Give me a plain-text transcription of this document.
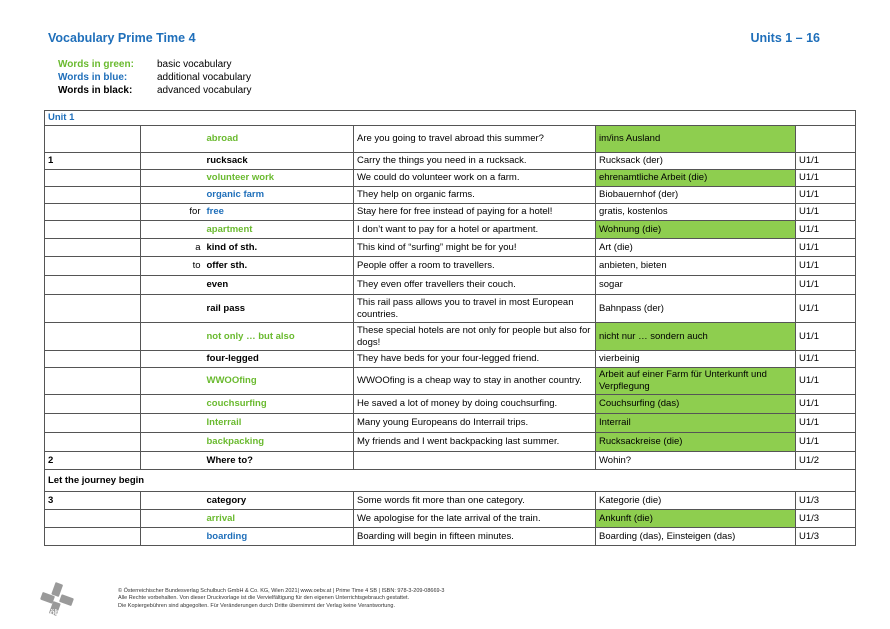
Vocabulary Prime Time 4	Units 1 – 16
Words in green:	basic vocabulary
Words in blue:	additional vocabulary
Words in black:	advanced vocabulary
Unit 1					
		abroad	Are you going to travel abroad this summer?	im/ins Ausland	
1		rucksack	Carry the things you need in a rucksack.	Rucksack (der)	U1/1
		volunteer work	We could do volunteer work on a farm.	ehrenamtliche Arbeit (die)	U1/1
		organic farm	They help on organic farms.	Biobauernhof (der)	U1/1
	for	free	Stay here for free instead of paying for a hotel!	gratis, kostenlos	U1/1
		apartment	I don’t want to pay for a hotel or apartment.	Wohnung (die)	U1/1
	a	kind of sth.	This kind of “surfing” might be for you!	Art (die)	U1/1
	to	offer sth.	People offer a room to travellers.	anbieten, bieten	U1/1
		even	They even offer travellers their couch.	sogar	U1/1
		rail pass	This rail pass allows you to travel in most European countries.	Bahnpass (der)	U1/1
		not only … but also	These special hotels are not only for people but also for dogs!	nicht nur … sondern auch	U1/1
		four-legged	They have beds for your four-legged friend.	vierbeinig	U1/1
		WWOOfing	WWOOfing is a cheap way to stay in another country.	Arbeit auf einer Farm für Unterkunft und Verpflegung	U1/1
		couchsurfing	He saved a lot of money by doing couchsurfing.	Couchsurfing (das)	U1/1
		Interrail	Many young Europeans do Interrail trips.	Interrail	U1/1
		backpacking	My friends and I went backpacking last summer.	Rucksackreise (die)	U1/1
2		Where to?		Wohin?	U1/2
Let the journey begin					
3		category	Some words fit more than one category.	Kategorie (die)	U1/3
		arrival	We apologise for the late arrival of the train.	Ankunft (die)	U1/3
		boarding	Boarding will begin in fifteen minutes.	Boarding (das), Einsteigen (das)	U1/3
öbv
© Österreichischer Bundesverlag Schulbuch GmbH & Co. KG, Wien 2021| www.oebv.at | Prime Time 4 SB | ISBN: 978-3-209-08669-3
Alle Rechte vorbehalten. Von dieser Druckvorlage ist die Vervielfältigung für den eigenen Unterrichtsgebrauch gestattet.
Die Kopiergebühren sind abgegolten. Für Veränderungen durch Dritte übernimmt der Verlag keine Verantwortung.
